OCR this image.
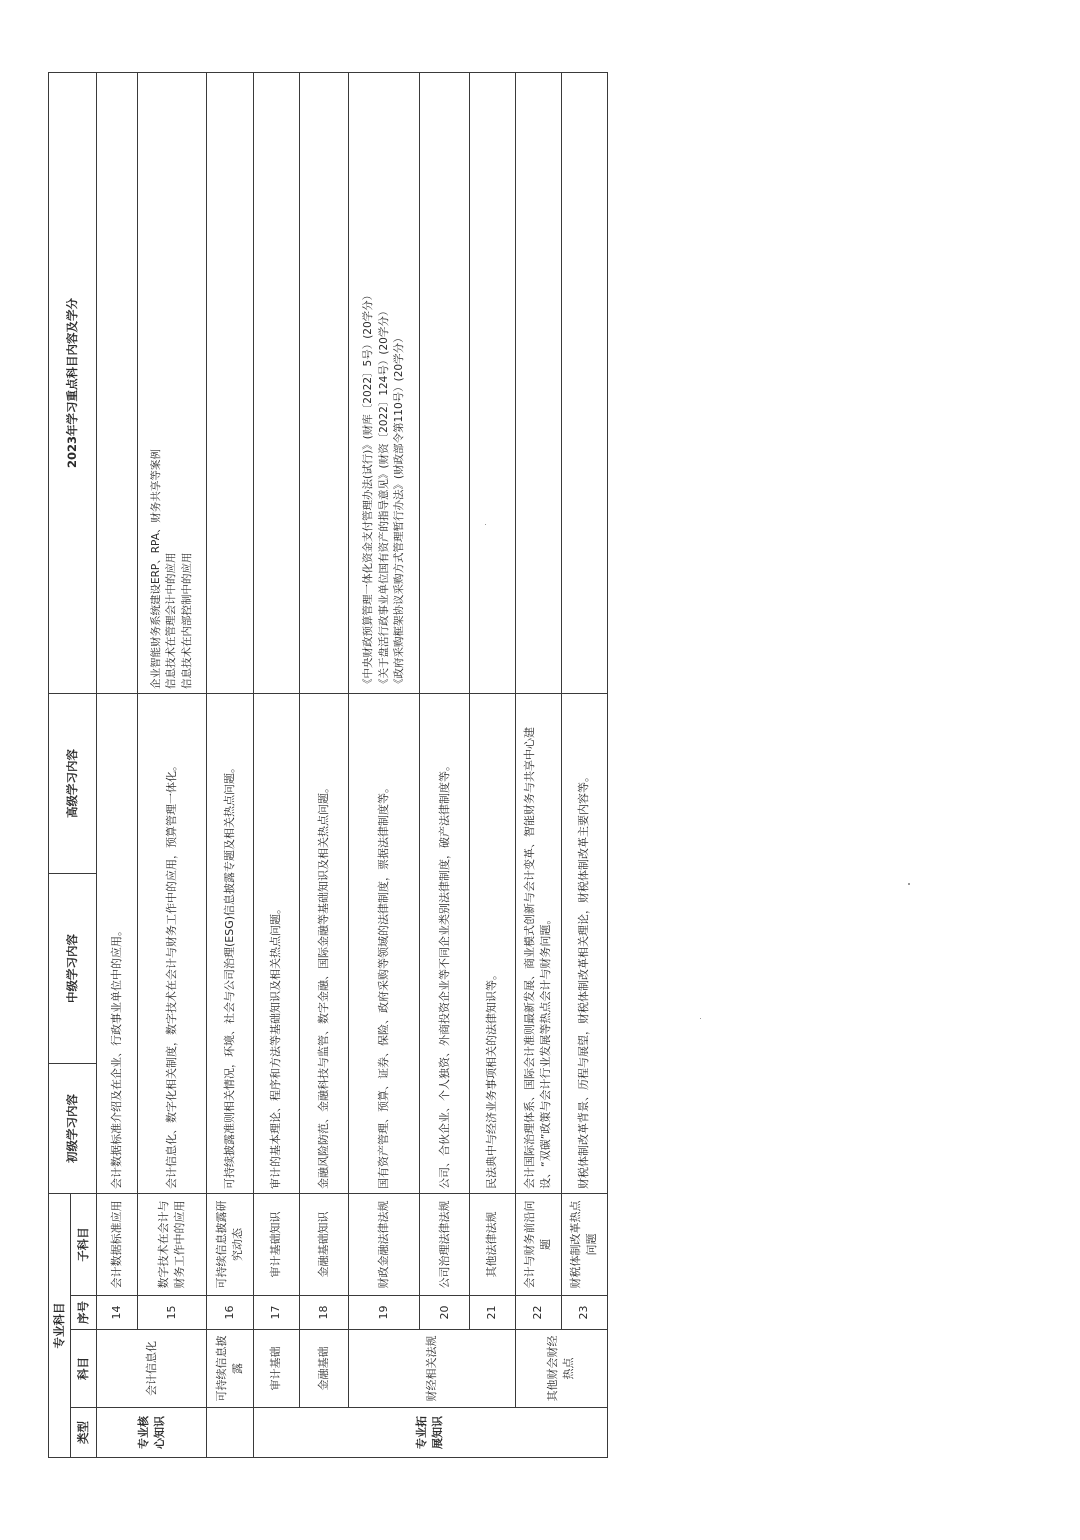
专业科目				初级学习内容	中级学习内容	高级学习内容	2023年学习重点科目内容及学分
类型	科目	序号	子科目				
专业核心知识	会计信息化	14	会计数据标准应用	会计数据标准介绍及在企业、行政事业单位中的应用。			
		15	数字技术在会计与财务工作中的应用	会计信息化、数字化相关制度，数字技术在会计与财务工作中的应用，预算管理一体化。			企业智能财务系统建设ERP、RPA、财务共享等案例 信息技术在管理会计中的应用 信息技术在内部控制中的应用

	可持续信息披露	16	可持续信息披露研究动态	可持续披露准则相关情况，环境、社会与公司治理(ESG)信息披露专题及相关热点问题。			
专业拓展知识	审计基础	17	审计基础知识	审计的基本理论、程序和方法等基础知识及相关热点问题。			
	金融基础	18	金融基础知识	金融风险防范、金融科技与监管、数字金融、国际金融等基础知识及相关热点问题。			
	财经相关法规	19	财政金融法律法规	国有资产管理、预算、证券、保险、政府采购等领域的法律制度，票据法律制度等。			《中央财政预算管理一体化资金支付管理办法(试行)》(财库〔2022〕5号）(20学分） 《关于盘活行政事业单位国有资产的指导意见》(财资〔2022〕124号）(20学分） 《政府采购框架协议采购方式管理暂行办法》(财政部令第110号）(20学分）

		20	公司治理法律法规	公司、合伙企业、个人独资、外商投资企业等不同企业类别法律制度，破产法律制度等。			
		21	其他法律法规	民法典中与经济业务事项相关的法律知识等。			
	其他财会财经热点	22	会计与财务前沿问题	会计国际治理体系、国际会计准则最新发展、商业模式创新与会计变革、智能财务与共享中心建设、“双碳”政策与会计行业发展等热点会计与财务问题。			
		23	财税体制改革热点问题	财税体制改革背景、历程与展望，财税体制改革相关理论，财税体制改革主要内容等。			
